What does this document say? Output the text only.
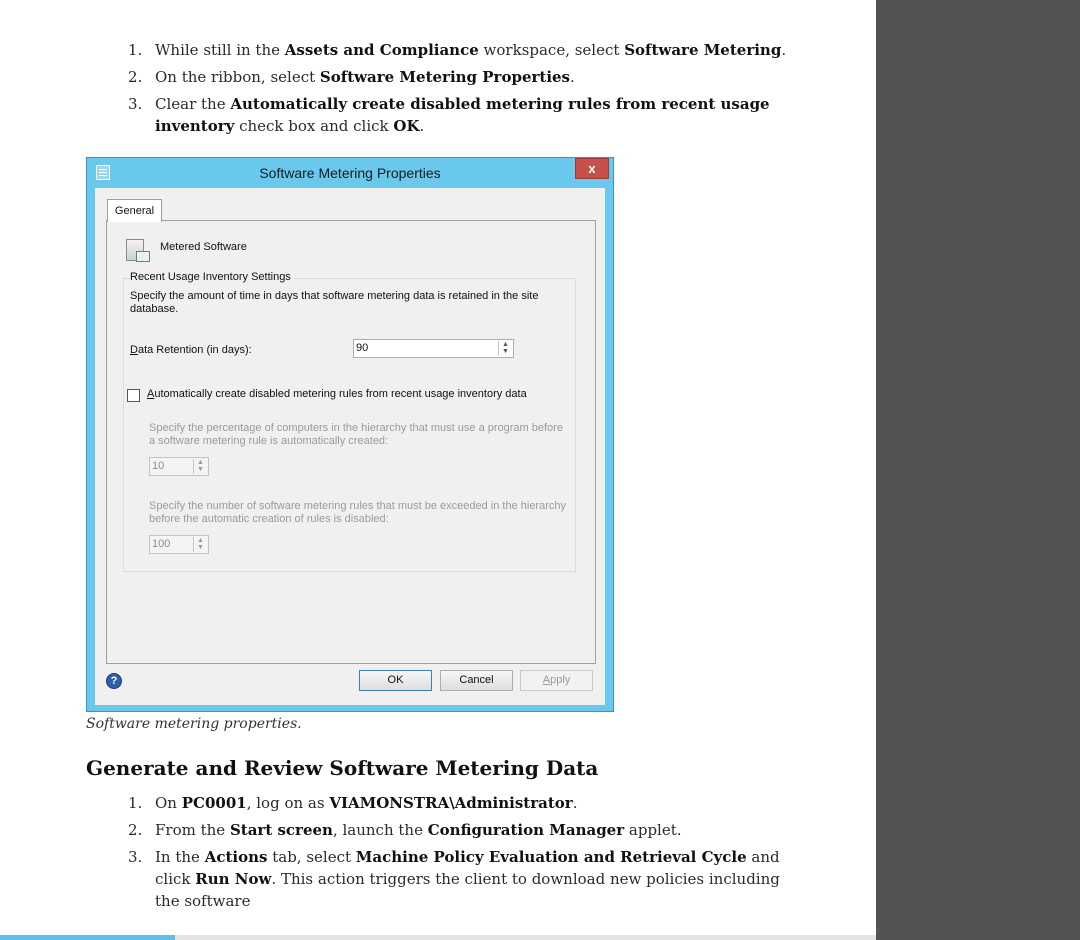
1. While still in the Assets and Compliance workspace, select Software Metering.
2. On the ribbon, select Software Metering Properties.
3. Clear the Automatically create disabled metering rules from recent usage inventory check box and click OK.
Software Metering Properties	x
General
Metered Software
Recent Usage Inventory Settings
Specify the amount of time in days that software metering data is retained in the site database.
Data Retention (in days):	90	▲
▼
Automatically create disabled metering rules from recent usage inventory data
Specify the percentage of computers in the hierarchy that must use a program before a software metering rule is automatically created:
10	▲
▼
Specify the number of software metering rules that must be exceeded in the hierarchy before the automatic creation of rules is disabled:
100	▲
▼
?	OK	Cancel	Apply
Software metering properties.
Generate and Review Software Metering Data
1. On PC0001, log on as VIAMONSTRA\Administrator.
2. From the Start screen, launch the Configuration Manager applet.
3. In the Actions tab, select Machine Policy Evaluation and Retrieval Cycle and click Run Now. This action triggers the client to download new policies including the software
